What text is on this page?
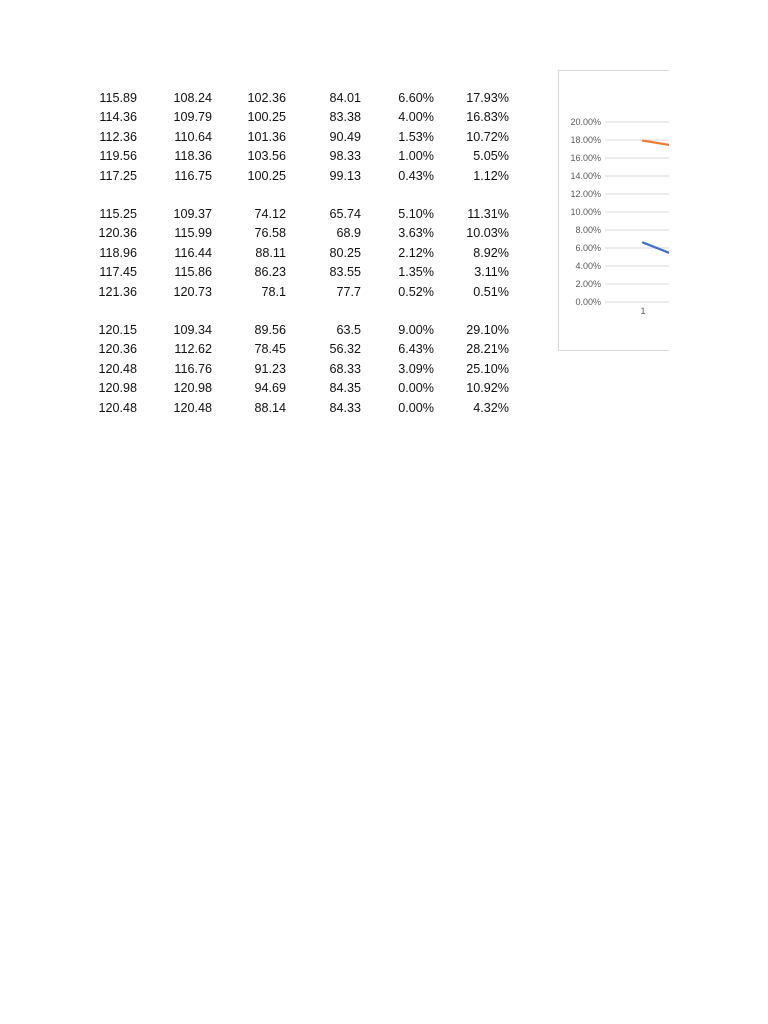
115.89	108.24	102.36	84.01	6.60%	17.93%
114.36	109.79	100.25	83.38	4.00%	16.83%
112.36	110.64	101.36	90.49	1.53%	10.72%
119.56	118.36	103.56	98.33	1.00%	5.05%
117.25	116.75	100.25	99.13	0.43%	1.12%
115.25	109.37	74.12	65.74	5.10%	11.31%
120.36	115.99	76.58	68.9	3.63%	10.03%
118.96	116.44	88.11	80.25	2.12%	8.92%
117.45	115.86	86.23	83.55	1.35%	3.11%
121.36	120.73	78.1	77.7	0.52%	0.51%
120.15	109.34	89.56	63.5	9.00%	29.10%
120.36	112.62	78.45	56.32	6.43%	28.21%
120.48	116.76	91.23	68.33	3.09%	25.10%
120.98	120.98	94.69	84.35	0.00%	10.92%
120.48	120.48	88.14	84.33	0.00%	4.32%
0.00%
2.00%
4.00%
6.00%
8.00%
10.00%
12.00%
14.00%
16.00%
18.00%
20.00%
1
